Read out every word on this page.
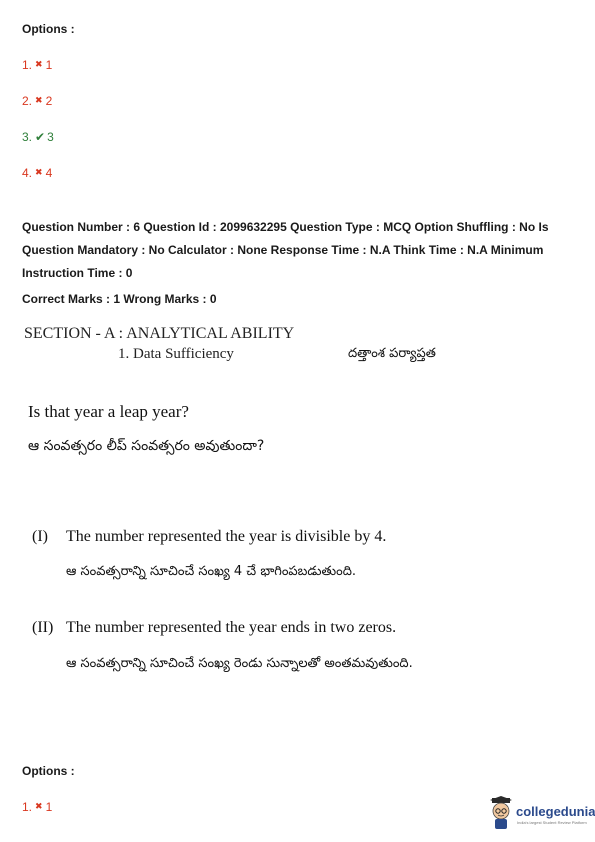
Options :
1. ✖ 1
2. ✖ 2
3. ✔ 3
4. ✖ 4
Question Number : 6 Question Id : 2099632295 Question Type : MCQ Option Shuffling : No Is
Question Mandatory : No Calculator : None Response Time : N.A Think Time : N.A Minimum
Instruction Time : 0
Correct Marks : 1 Wrong Marks : 0
SECTION - A : ANALYTICAL ABILITY
1. Data Sufficiency	దత్తాంశ పర్యాప్తత
Is that year a leap year?
ఆ సంవత్సరం లీప్ సంవత్సరం అవుతుందా?
(I) The number represented the year is divisible by 4.
ఆ సంవత్సరాన్ని సూచించే సంఖ్య 4 చే భాగింపబడుతుంది.
(II) The number represented the year ends in two zeros.
ఆ సంవత్సరాన్ని సూచించే సంఖ్య రెండు సున్నాలతో అంతమవుతుంది.
Options :
1. ✖ 1	collegedunia
India's largest Student Review Platform
